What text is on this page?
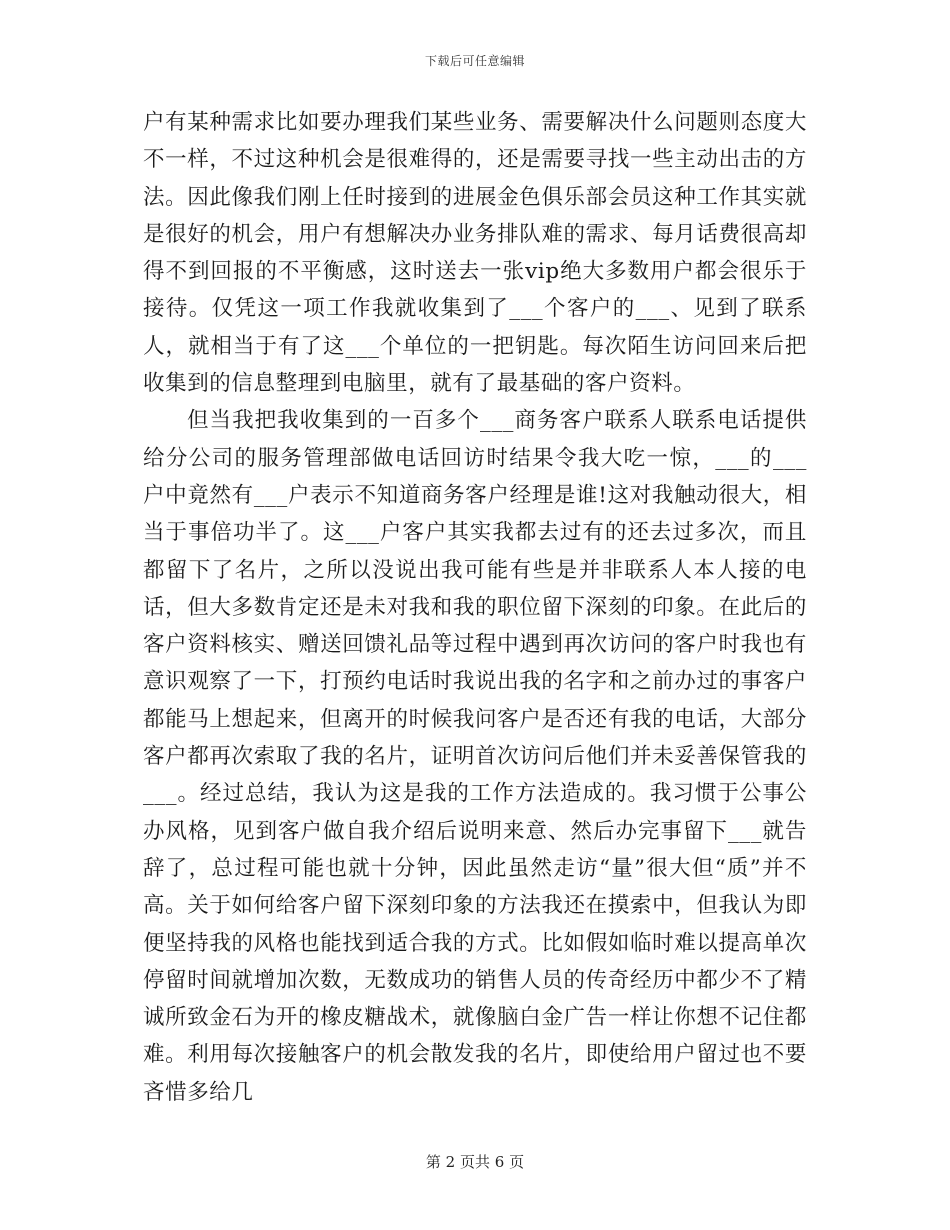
下载后可任意编辑

户有某种需求比如要办理我们某些业务、需要解决什么问题则态度大不一样，不过这种机会是很难得的，还是需要寻找一些主动出击的方法。因此像我们刚上任时接到的进展金色俱乐部会员这种工作其实就是很好的机会，用户有想解决办业务排队难的需求、每月话费很高却得不到回报的不平衡感，这时送去一张vip绝大多数用户都会很乐于接待。仅凭这一项工作我就收集到了___个客户的___、见到了联系人，就相当于有了这___个单位的一把钥匙。每次陌生访问回来后把收集到的信息整理到电脑里，就有了最基础的客户资料。

但当我把我收集到的一百多个___商务客户联系人联系电话提供给分公司的服务管理部做电话回访时结果令我大吃一惊，___的___户中竟然有___户表示不知道商务客户经理是谁!这对我触动很大，相当于事倍功半了。这___户客户其实我都去过有的还去过多次，而且都留下了名片，之所以没说出我可能有些是并非联系人本人接的电话，但大多数肯定还是未对我和我的职位留下深刻的印象。在此后的客户资料核实、赠送回馈礼品等过程中遇到再次访问的客户时我也有意识观察了一下，打预约电话时我说出我的名字和之前办过的事客户都能马上想起来，但离开的时候我问客户是否还有我的电话，大部分客户都再次索取了我的名片，证明首次访问后他们并未妥善保管我的___。经过总结，我认为这是我的工作方法造成的。我习惯于公事公办风格，见到客户做自我介绍后说明来意、然后办完事留下___就告辞了，总过程可能也就十分钟，因此虽然走访“量”很大但“质”并不高。关于如何给客户留下深刻印象的方法我还在摸索中，但我认为即便坚持我的风格也能找到适合我的方式。比如假如临时难以提高单次停留时间就增加次数，无数成功的销售人员的传奇经历中都少不了精诚所致金石为开的橡皮糖战术，就像脑白金广告一样让你想不记住都难。利用每次接触客户的机会散发我的名片，即使给用户留过也不要吝惜多给几

第 2 页共 6 页
